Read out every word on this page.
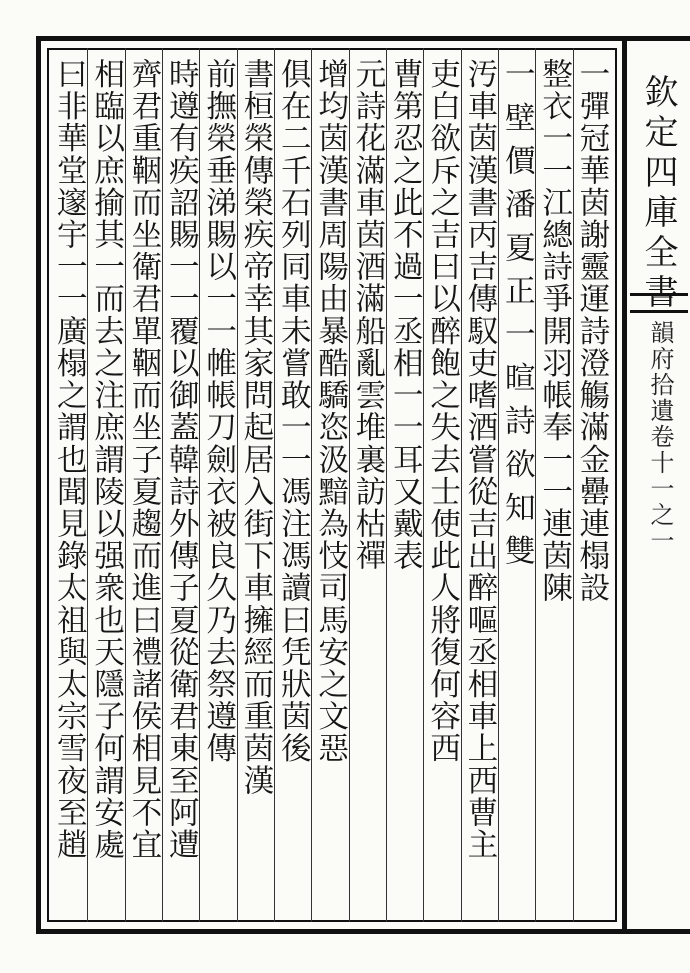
欽定四庫全書
韻府拾遺卷十一之一
一彈冠華茵謝靈運詩澄觴滿金罍連榻設
整衣一一江總詩爭開羽帳奉一一連茵陳
一 壁 價 潘 夏 正 一 暄 詩 欲 知 雙
汚車茵漢書丙吉傳馭吏嗜酒嘗從吉出醉嘔丞相車上西曹主
吏白欲斥之吉曰以醉飽之失去士使此人將復何容西
曹第忍之此不過一丞相一一耳又戴表
元詩花滿車茵酒滿船亂雲堆裏訪枯禪
增均茵漢書周陽由暴酷驕恣汲黯為忮司馬安之文惡
俱在二千石列同車未嘗敢一一馮注馮讀曰凭狀茵後
書桓榮傳榮疾帝幸其家問起居入街下車擁經而重茵漢
前撫榮垂涕賜以一一帷帳刀劍衣被良久乃去祭遵傳
時遵有疾詔賜一一覆以御蓋韓詩外傳子夏從衛君東至阿遭
齊君重鞇而坐衛君單鞇而坐子夏趨而進曰禮諸侯相見不宜
相臨以庶揄其一而去之注庶謂陵以强衆也天隱子何謂安處
曰非華堂邃宇一一廣榻之謂也聞見錄太祖與太宗雪夜至趙
